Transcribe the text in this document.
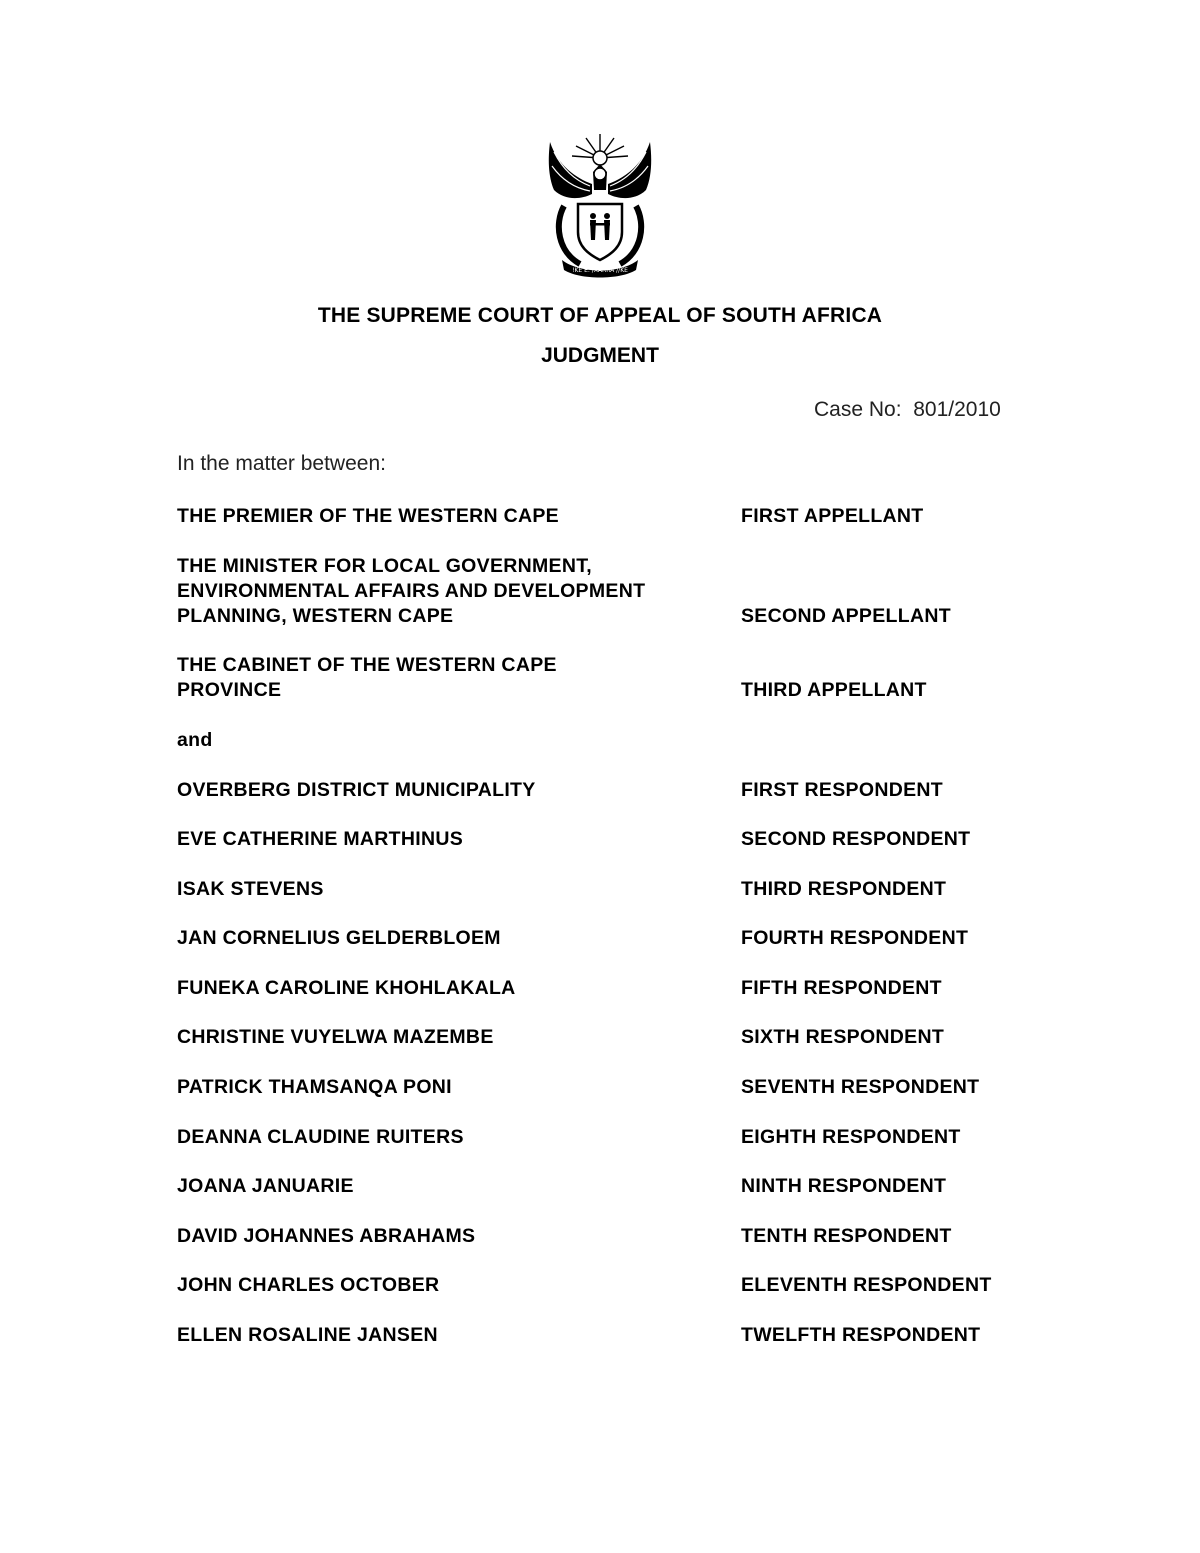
!KE E: /XARRA //KE
THE SUPREME COURT OF APPEAL OF SOUTH AFRICA
JUDGMENT
Case No: 801/2010
In the matter between:
THE PREMIER OF THE WESTERN CAPE	FIRST APPELLANT
THE MINISTER FOR LOCAL GOVERNMENT,
ENVIRONMENTAL AFFAIRS AND DEVELOPMENT
PLANNING, WESTERN CAPE	SECOND APPELLANT
THE CABINET OF THE WESTERN CAPE
PROVINCE	THIRD APPELLANT
and
OVERBERG DISTRICT MUNICIPALITY	FIRST RESPONDENT
EVE CATHERINE MARTHINUS	SECOND RESPONDENT
ISAK STEVENS	THIRD RESPONDENT
JAN CORNELIUS GELDERBLOEM	FOURTH RESPONDENT
FUNEKA CAROLINE KHOHLAKALA	FIFTH RESPONDENT
CHRISTINE VUYELWA MAZEMBE	SIXTH RESPONDENT
PATRICK THAMSANQA PONI	SEVENTH RESPONDENT
DEANNA CLAUDINE RUITERS	EIGHTH RESPONDENT
JOANA JANUARIE	NINTH RESPONDENT
DAVID JOHANNES ABRAHAMS	TENTH RESPONDENT
JOHN CHARLES OCTOBER	ELEVENTH RESPONDENT
ELLEN ROSALINE JANSEN	TWELFTH RESPONDENT
